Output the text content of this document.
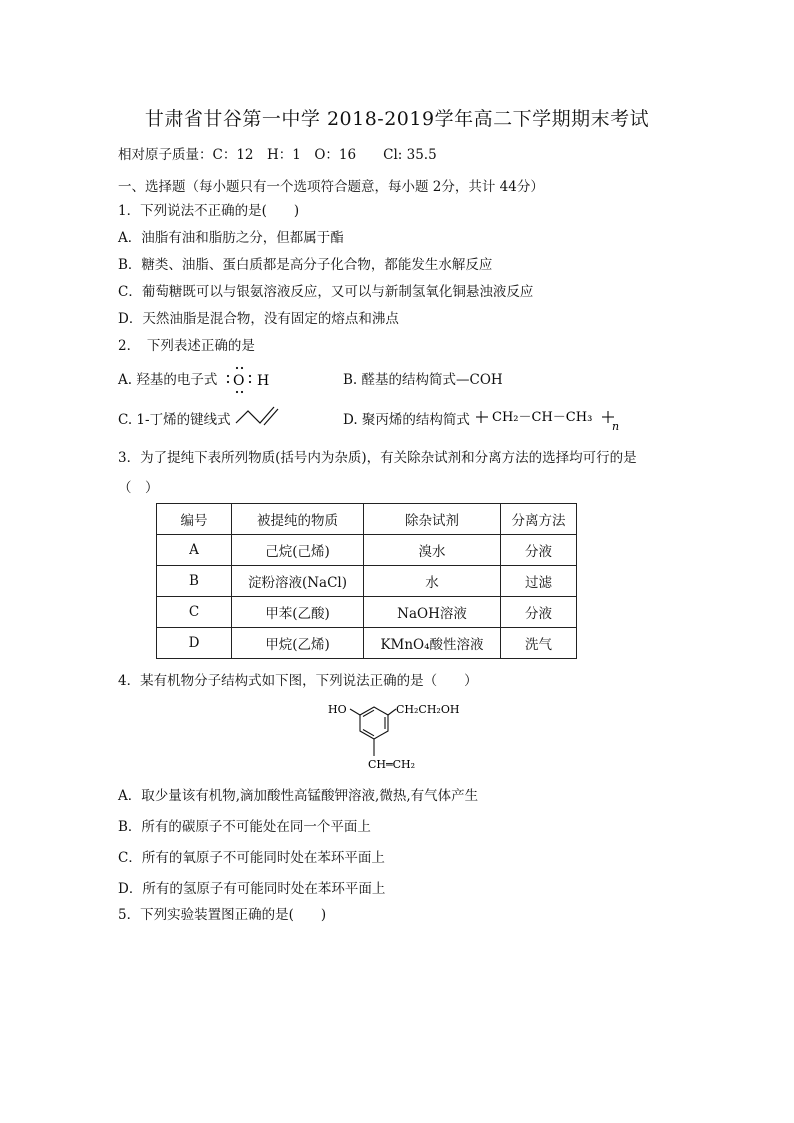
甘肃省甘谷第一中学 2018-2019学年高二下学期期末考试
相对原子质量：C：12　H：1　O：16　　Cl: 35.5
一、选择题（每小题只有一个选项符合题意，每小题 2分，共计 44分）
1．下列说法不正确的是(　　)
A．油脂有油和脂肪之分，但都属于酯
B．糖类、油脂、蛋白质都是高分子化合物，都能发生水解反应
C．葡萄糖既可以与银氨溶液反应，又可以与新制氢氧化铜悬浊液反应
D．天然油脂是混合物，没有固定的熔点和沸点
2．　下列表述正确的是
A. 羟基的电子式 O H	B. 醛基的结构简式—COH
C. 1-丁烯的键线式	D. 聚丙烯的结构简式 CH₂－CH－CH₃
n
3．为了提纯下表所列物质(括号内为杂质)，有关除杂试剂和分离方法的选择均可行的是
（　）
编号	被提纯的物质	除杂试剂	分离方法
A	己烷(己烯)	溴水	分液
B	淀粉溶液(NaCl)	水	过滤
C	甲苯(乙酸)	NaOH溶液	分液
D	甲烷(乙烯)	KMnO₄酸性溶液	洗气
4．某有机物分子结构式如下图，下列说法正确的是（　　）
HO	CH₂CH₂OH
CH═CH₂
A．取少量该有机物,滴加酸性高锰酸钾溶液,微热,有气体产生
B．所有的碳原子不可能处在同一个平面上
C．所有的氧原子不可能同时处在苯环平面上
D．所有的氢原子有可能同时处在苯环平面上
5．下列实验装置图正确的是(　　)
